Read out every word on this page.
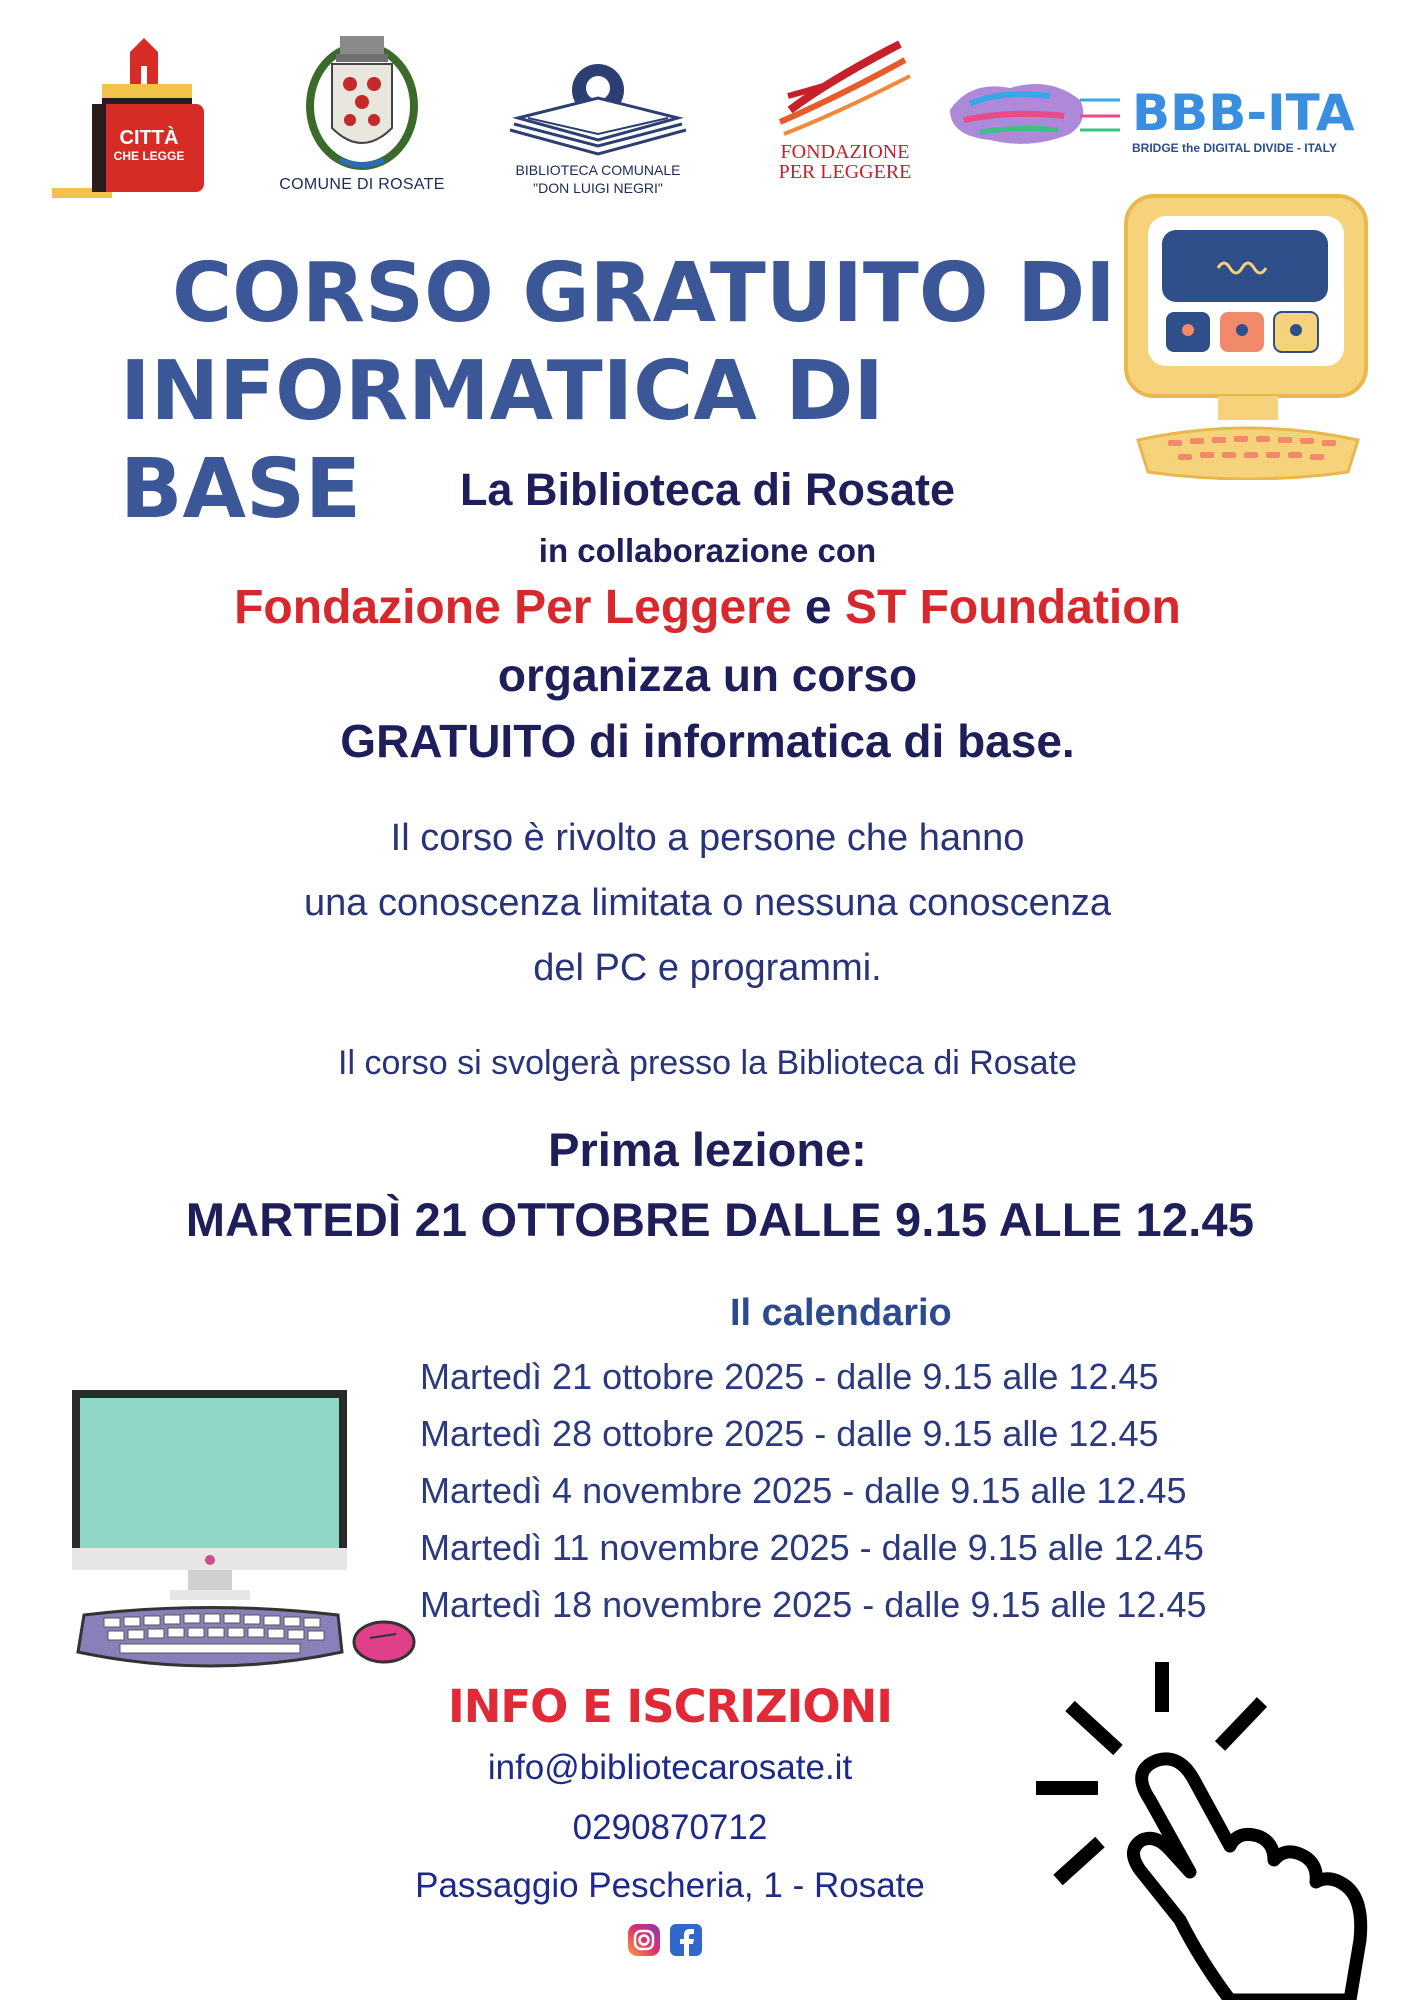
CITTÀ
CHE LEGGE
COMUNE DI ROSATE
BIBLIOTECA COMUNALE
"DON LUIGI NEGRI"
FONDAZIONE
PER LEGGERE
BBB-ITA
BRIDGE the DIGITAL DIVIDE - ITALY
CORSO GRATUITO DI
INFORMATICA DI BASE	La Biblioteca di Rosate
in collaborazione con
Fondazione Per Leggere e ST Foundation
organizza un corso
GRATUITO di informatica di base.
Il corso è rivolto a persone che hanno
una conoscenza limitata o nessuna conoscenza
del PC e programmi.
Il corso si svolgerà presso la Biblioteca di Rosate
Prima lezione:
MARTEDÌ 21 OTTOBRE DALLE 9.15 ALLE 12.45
Il calendario
Martedì 21 ottobre 2025 - dalle 9.15 alle 12.45
Martedì 28 ottobre 2025 - dalle 9.15 alle 12.45
Martedì 4 novembre 2025 - dalle 9.15 alle 12.45
Martedì 11 novembre 2025 - dalle 9.15 alle 12.45
Martedì 18 novembre 2025 - dalle 9.15 alle 12.45
INFO E ISCRIZIONI
info@bibliotecarosate.it
0290870712
Passaggio Pescheria, 1 - Rosate
